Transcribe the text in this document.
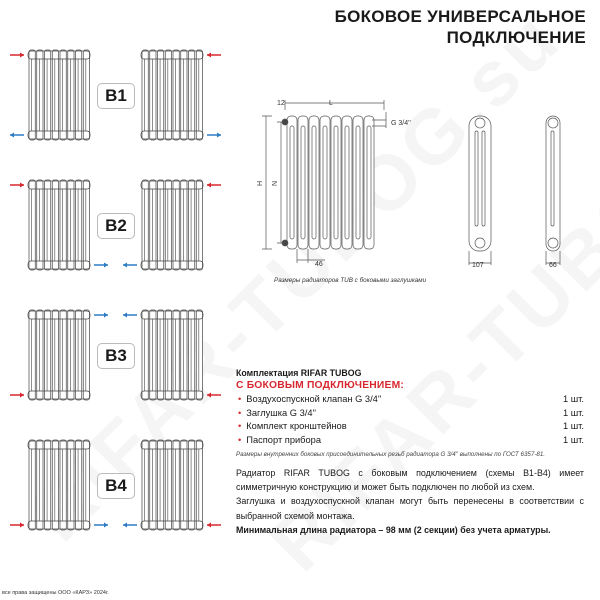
БОКОВОЕ УНИВЕРСАЛЬНОЕ
ПОДКЛЮЧЕНИЕ
В1
В2
В3
В4
12	L
G 3/4''
H N
46	107	66
Размеры радиаторов TUB с боковыми заглушками
Комплектация RIFAR TUBOG
С БОКОВЫМ ПОДКЛЮЧЕНИЕМ:
• Воздухоспускной клапан G 3/4''	1 шт.
• Заглушка G 3/4''	1 шт.
• Комплект кронштейнов	1 шт.
• Паспорт прибора	1 шт.
Размеры внутренних боковых присоединительных резьб радиатора G 3/4'' выполнены по ГОСТ 6357-81.

Радиатор RIFAR TUBOG с боковым подключением (схемы В1-В4) имеет симметричную конструкцию и может быть подключен по любой из схем.

Заглушка и воздухоспускной клапан могут быть перенесены в соответствии с выбранной схемой монтажа.

Минимальная длина радиатора – 98 мм (2 секции) без учета арматуры.

все права защищены ООО «КАРЗ» 2024г.
